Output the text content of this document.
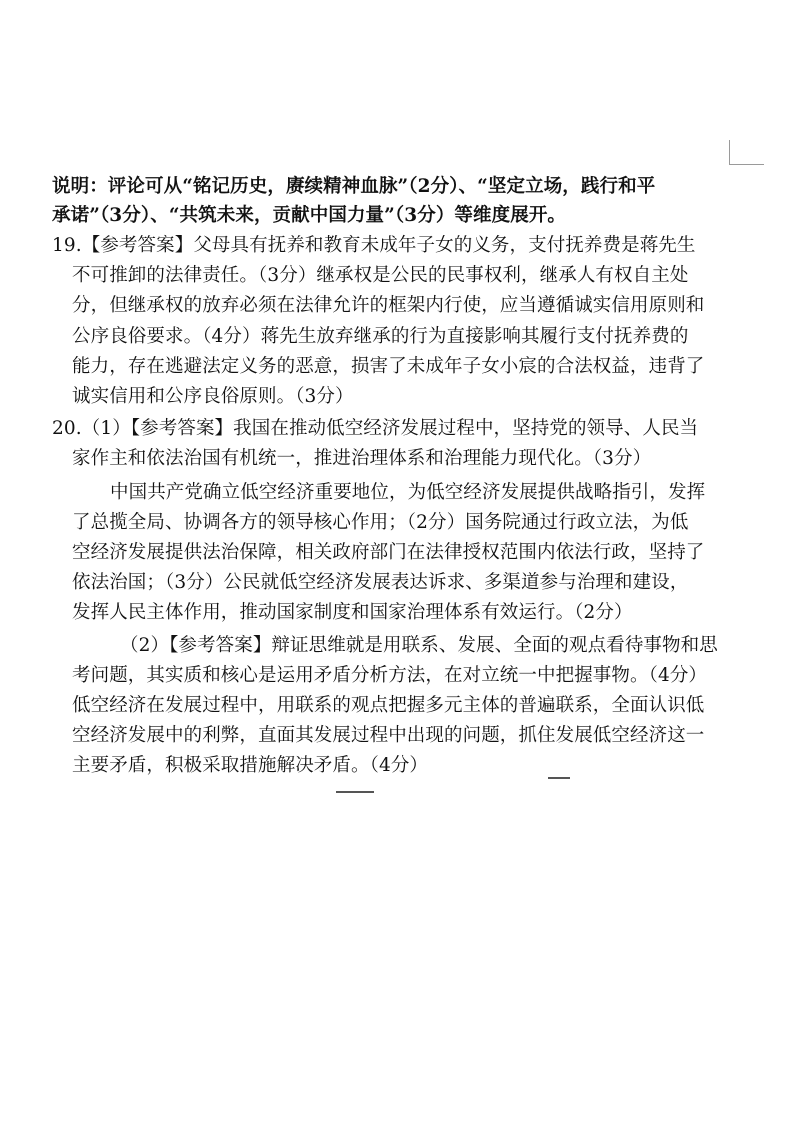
说明：评论可从“铭记历史，赓续精神血脉”（2分）、“坚定立场，践行和平
承诺”（3分）、“共筑未来，贡献中国力量”（3分）等维度展开。
19.【参考答案】父母具有抚养和教育未成年子女的义务，支付抚养费是蒋先生
不可推卸的法律责任。（3分）继承权是公民的民事权利，继承人有权自主处
分，但继承权的放弃必须在法律允许的框架内行使，应当遵循诚实信用原则和
公序良俗要求。（4分）蒋先生放弃继承的行为直接影响其履行支付抚养费的
能力，存在逃避法定义务的恶意，损害了未成年子女小宸的合法权益，违背了
诚实信用和公序良俗原则。（3分）
20.（1）【参考答案】我国在推动低空经济发展过程中，坚持党的领导、人民当
家作主和依法治国有机统一，推进治理体系和治理能力现代化。（3分）
中国共产党确立低空经济重要地位，为低空经济发展提供战略指引，发挥
了总揽全局、协调各方的领导核心作用；（2分）国务院通过行政立法，为低
空经济发展提供法治保障，相关政府部门在法律授权范围内依法行政，坚持了
依法治国；（3分）公民就低空经济发展表达诉求、多渠道参与治理和建设，
发挥人民主体作用，推动国家制度和国家治理体系有效运行。（2分）
（2）【参考答案】辩证思维就是用联系、发展、全面的观点看待事物和思
考问题，其实质和核心是运用矛盾分析方法，在对立统一中把握事物。（4分）
低空经济在发展过程中，用联系的观点把握多元主体的普遍联系，全面认识低
空经济发展中的利弊，直面其发展过程中出现的问题，抓住发展低空经济这一
主要矛盾，积极采取措施解决矛盾。（4分）
